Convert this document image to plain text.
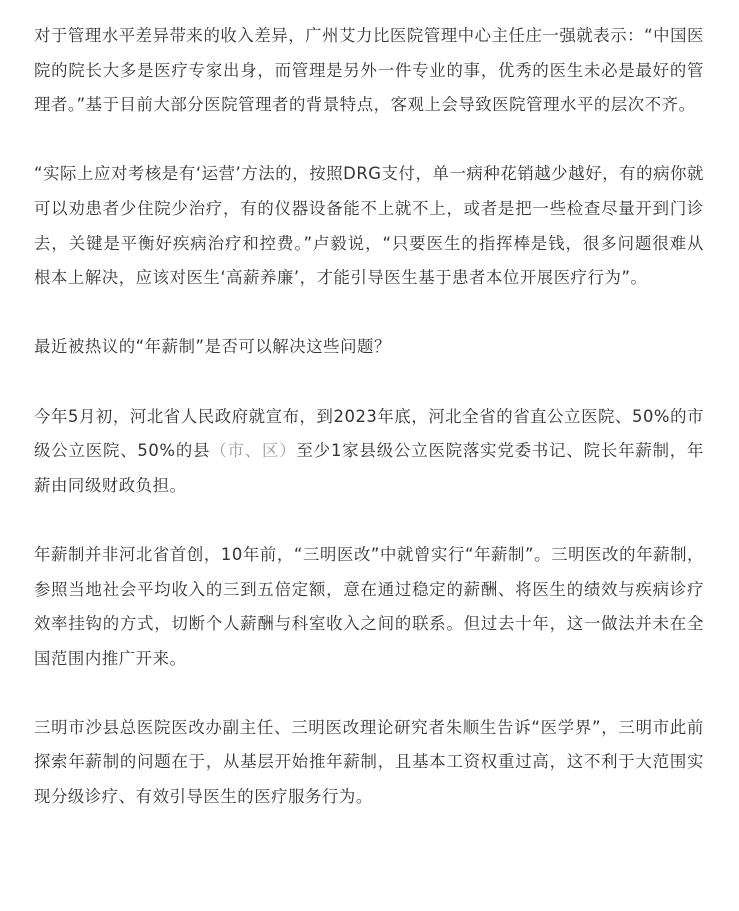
对于管理水平差异带来的收入差异，广州艾力比医院管理中心主任庄一强就表示：“中国医院的院长大多是医疗专家出身，而管理是另外一件专业的事，优秀的医生未必是最好的管理者。”基于目前大部分医院管理者的背景特点，客观上会导致医院管理水平的层次不齐。

“实际上应对考核是有‘运营’方法的，按照DRG支付，单一病种花销越少越好，有的病你就可以劝患者少住院少治疗，有的仪器设备能不上就不上，或者是把一些检查尽量开到门诊去，关键是平衡好疾病治疗和控费。”卢毅说，“只要医生的指挥棒是钱，很多问题很难从根本上解决，应该对医生‘高薪养廉’，才能引导医生基于患者本位开展医疗行为”。

最近被热议的“年薪制”是否可以解决这些问题？

今年5月初，河北省人民政府就宣布，到2023年底，河北全省的省直公立医院、50%的市级公立医院、50%的县（市、区）至少1家县级公立医院落实党委书记、院长年薪制，年薪由同级财政负担。

年薪制并非河北省首创，10年前，“三明医改”中就曾实行“年薪制”。三明医改的年薪制，参照当地社会平均收入的三到五倍定额，意在通过稳定的薪酬、将医生的绩效与疾病诊疗效率挂钩的方式，切断个人薪酬与科室收入之间的联系。但过去十年，这一做法并未在全国范围内推广开来。

三明市沙县总医院医改办副主任、三明医改理论研究者朱顺生告诉“医学界”，三明市此前探索年薪制的问题在于，从基层开始推年薪制，且基本工资权重过高，这不利于大范围实现分级诊疗、有效引导医生的医疗服务行为。
